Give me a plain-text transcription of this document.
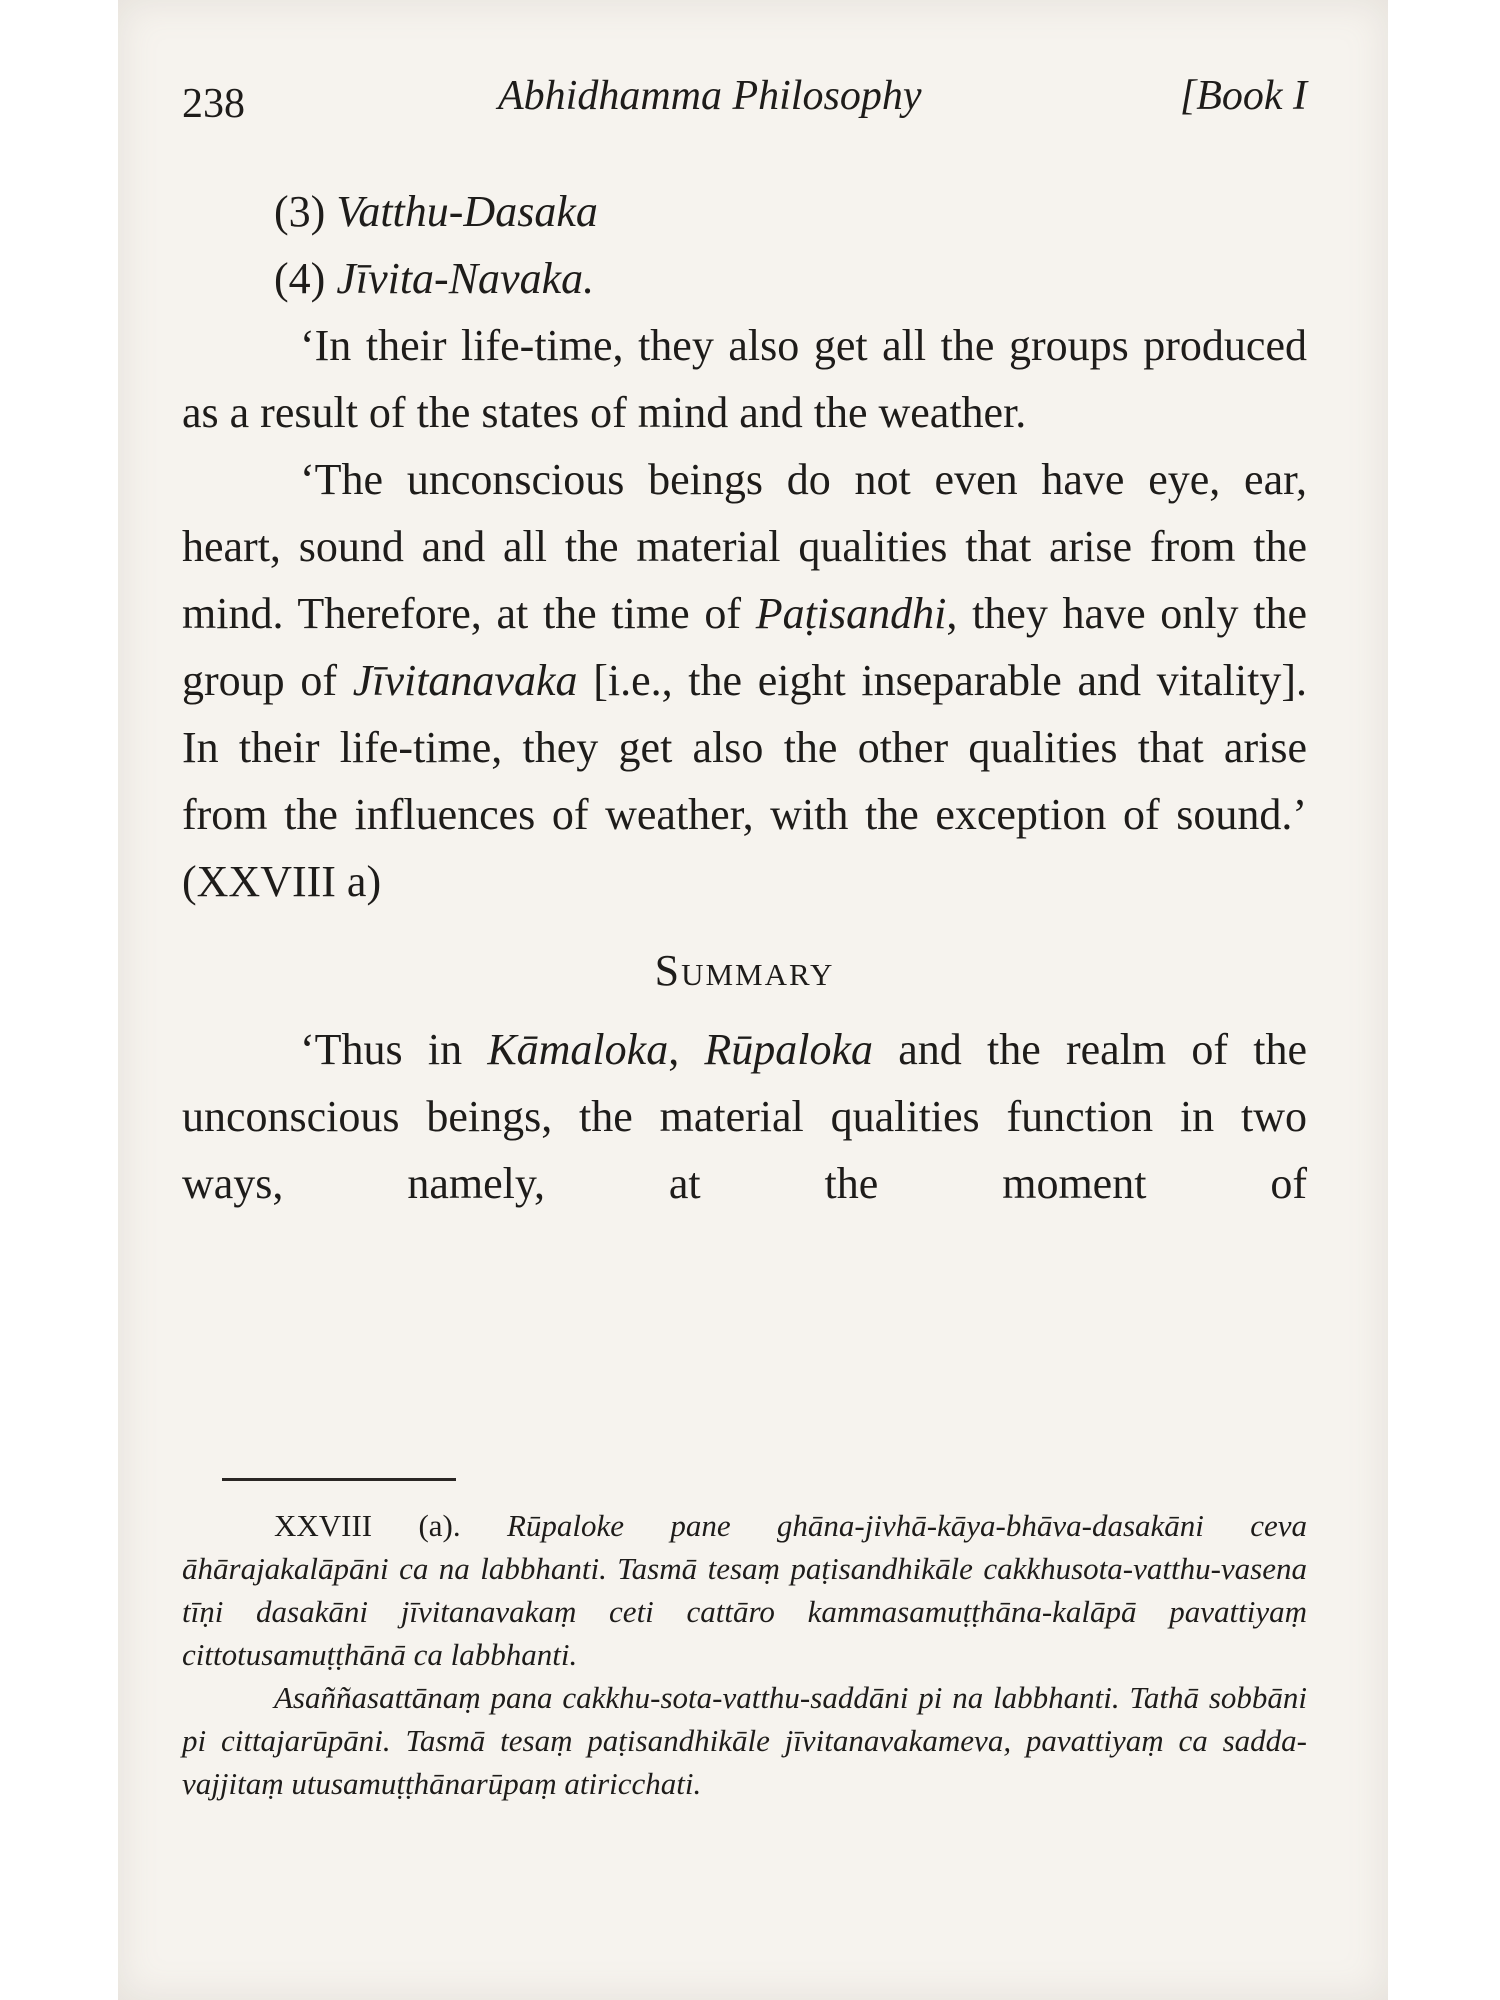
238	Abhidhamma Philosophy	[Book I
(3) Vatthu-Dasaka
(4) Jīvita-Navaka.

‘In their life-time, they also get all the groups produced as a result of the states of mind and the weather.

‘The unconscious beings do not even have eye, ear, heart, sound and all the material qualities that arise from the mind. Therefore, at the time of Paṭisandhi, they have only the group of Jīvitanavaka [i.e., the eight inseparable and vitality]. In their life-time, they get also the other qualities that arise from the influences of weather, with the exception of sound.’ (XXVIII a)

Summary

‘Thus in Kāmaloka, Rūpaloka and the realm of the unconscious beings, the material qualities function in two ways, namely, at the moment of

XXVIII (a). Rūpaloke pane ghāna-jivhā-kāya-bhāva-dasakāni ceva āhārajakalāpāni ca na labbhanti. Tasmā tesaṃ paṭisandhikāle cakkhusota-vatthu-vasena tīṇi dasakāni jīvitanavakaṃ ceti cattāro kammasamuṭṭhāna-kalāpā pavattiyaṃ cittotusamuṭṭhānā ca labbhanti.

Asaññasattānaṃ pana cakkhu-sota-vatthu-saddāni pi na labbhanti. Tathā sobbāni pi cittajarūpāni. Tasmā tesaṃ paṭisandhikāle jīvitanavakameva, pavattiyaṃ ca sadda-vajjitaṃ utusamuṭṭhānarūpaṃ atiricchati.
